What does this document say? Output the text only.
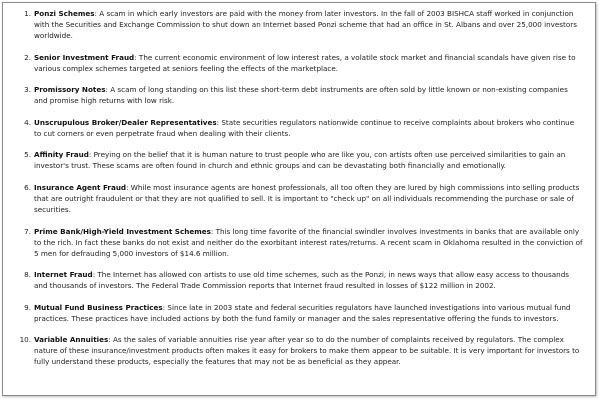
1. Ponzi Schemes: A scam in which early investors are paid with the money from later investors. In the fall of 2003 BISHCA staff worked in conjunction with the Securities and Exchange Commission to shut down an Internet based Ponzi scheme that had an office in St. Albans and over 25,000 investors worldwide.
2. Senior Investment Fraud: The current economic environment of low interest rates, a volatile stock market and financial scandals have given rise to various complex schemes targeted at seniors feeling the effects of the marketplace.
3. Promissory Notes: A scam of long standing on this list these short-term debt instruments are often sold by little known or non-existing companies and promise high returns with low risk.
4. Unscrupulous Broker/Dealer Representatives: State securities regulators nationwide continue to receive complaints about brokers who continue to cut corners or even perpetrate fraud when dealing with their clients.
5. Affinity Fraud: Preying on the belief that it is human nature to trust people who are like you, con artists often use perceived similarities to gain an investor's trust. These scams are often found in church and ethnic groups and can be devastating both financially and emotionally.
6. Insurance Agent Fraud: While most insurance agents are honest professionals, all too often they are lured by high commissions into selling products that are outright fraudulent or that they are not qualified to sell. It is important to "check up" on all individuals recommending the purchase or sale of securities.
7. Prime Bank/High-Yield Investment Schemes: This long time favorite of the financial swindler involves investments in banks that are available only to the rich. In fact these banks do not exist and neither do the exorbitant interest rates/returns. A recent scam in Oklahoma resulted in the conviction of 5 men for defrauding 5,000 investors of $14.6 million.
8. Internet Fraud: The Internet has allowed con artists to use old time schemes, such as the Ponzi, in news ways that allow easy access to thousands and thousands of investors. The Federal Trade Commission reports that Internet fraud resulted in losses of $122 million in 2002.
9. Mutual Fund Business Practices: Since late in 2003 state and federal securities regulators have launched investigations into various mutual fund practices. These practices have included actions by both the fund family or manager and the sales representative offering the funds to investors.
10. Variable Annuities: As the sales of variable annuities rise year after year so to do the number of complaints received by regulators. The complex nature of these insurance/investment products often makes it easy for brokers to make them appear to be suitable. It is very important for investors to fully understand these products, especially the features that may not be as beneficial as they appear.
